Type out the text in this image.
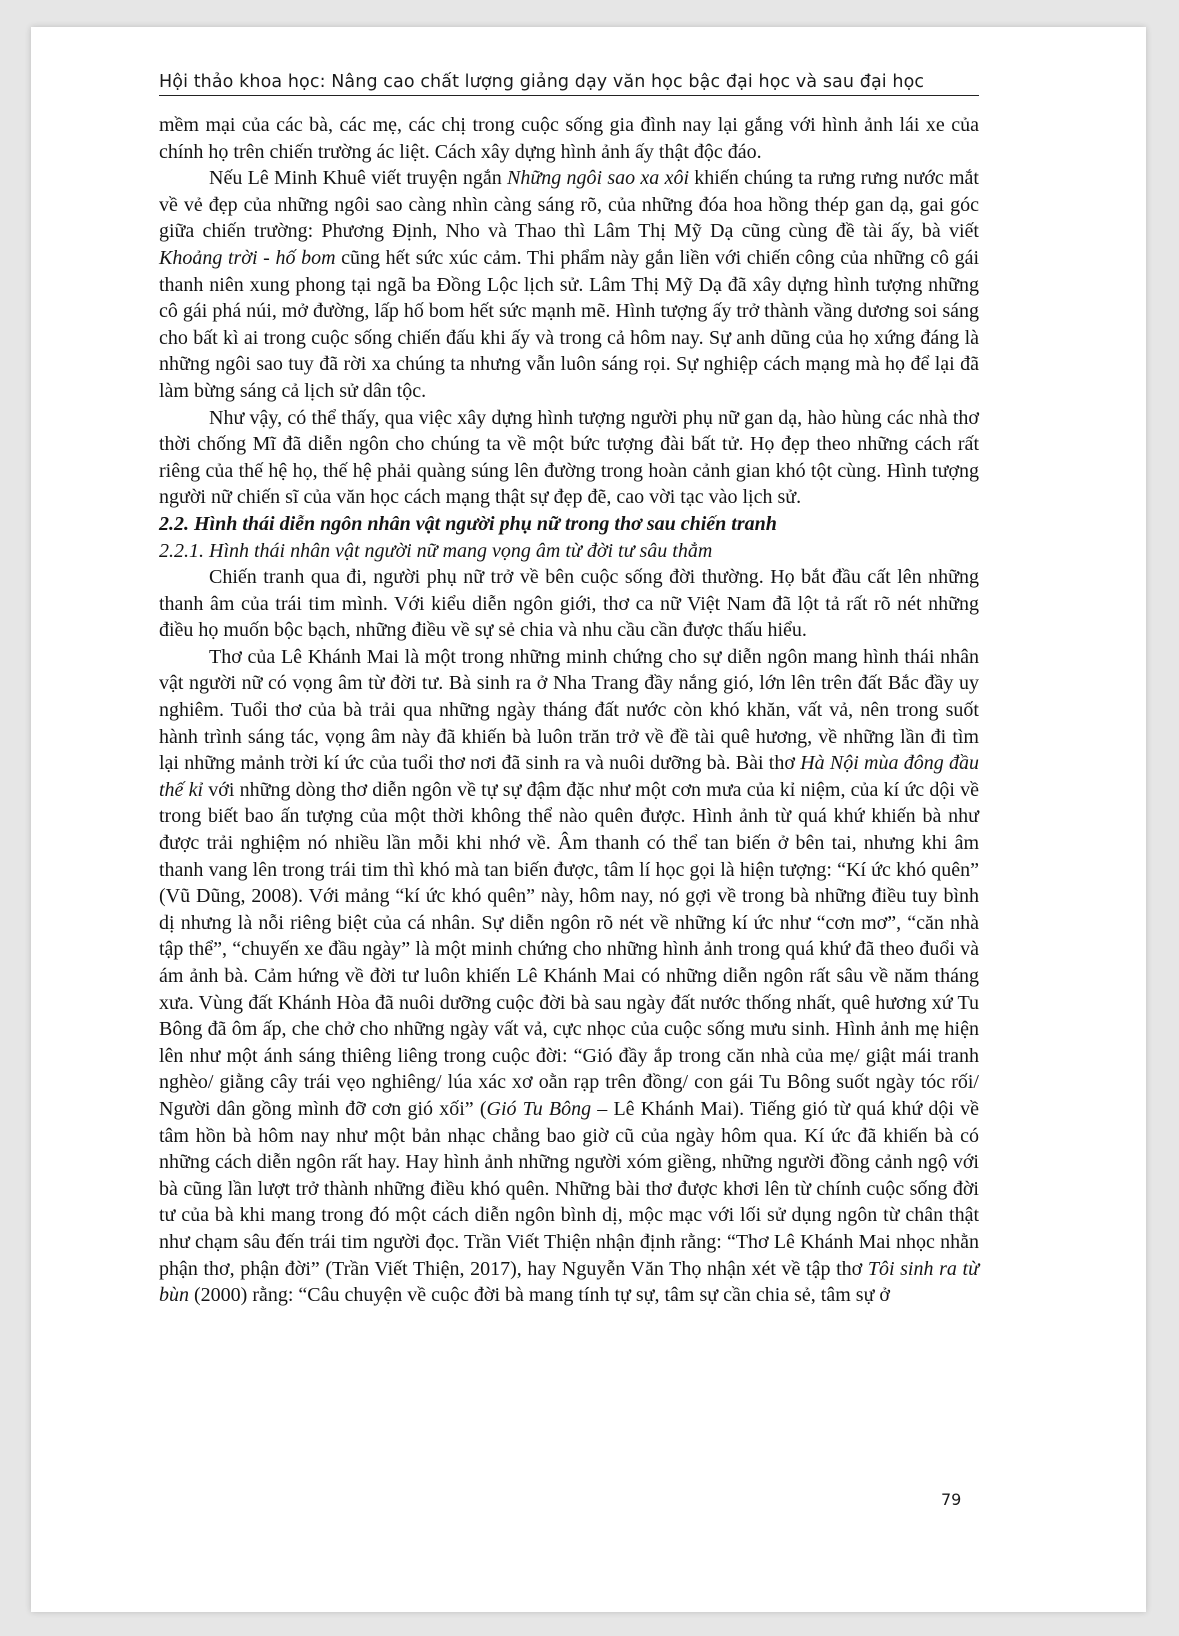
Hội thảo khoa học: Nâng cao chất lượng giảng dạy văn học bậc đại học và sau đại học

mềm mại của các bà, các mẹ, các chị trong cuộc sống gia đình nay lại gắng với hình ảnh lái xe của chính họ trên chiến trường ác liệt. Cách xây dựng hình ảnh ấy thật độc đáo.

Nếu Lê Minh Khuê viết truyện ngắn Những ngôi sao xa xôi khiến chúng ta rưng rưng nước mắt về vẻ đẹp của những ngôi sao càng nhìn càng sáng rõ, của những đóa hoa hồng thép gan dạ, gai góc giữa chiến trường: Phương Định, Nho và Thao thì Lâm Thị Mỹ Dạ cũng cùng đề tài ấy, bà viết Khoảng trời - hố bom cũng hết sức xúc cảm. Thi phẩm này gắn liền với chiến công của những cô gái thanh niên xung phong tại ngã ba Đồng Lộc lịch sử. Lâm Thị Mỹ Dạ đã xây dựng hình tượng những cô gái phá núi, mở đường, lấp hố bom hết sức mạnh mẽ. Hình tượng ấy trở thành vầng dương soi sáng cho bất kì ai trong cuộc sống chiến đấu khi ấy và trong cả hôm nay. Sự anh dũng của họ xứng đáng là những ngôi sao tuy đã rời xa chúng ta nhưng vẫn luôn sáng rọi. Sự nghiệp cách mạng mà họ để lại đã làm bừng sáng cả lịch sử dân tộc.

Như vậy, có thể thấy, qua việc xây dựng hình tượng người phụ nữ gan dạ, hào hùng các nhà thơ thời chống Mĩ đã diễn ngôn cho chúng ta về một bức tượng đài bất tử. Họ đẹp theo những cách rất riêng của thế hệ họ, thế hệ phải quàng súng lên đường trong hoàn cảnh gian khó tột cùng. Hình tượng người nữ chiến sĩ của văn học cách mạng thật sự đẹp đẽ, cao vời tạc vào lịch sử.

2.2. Hình thái diễn ngôn nhân vật người phụ nữ trong thơ sau chiến tranh
2.2.1. Hình thái nhân vật người nữ mang vọng âm từ đời tư sâu thẳm

Chiến tranh qua đi, người phụ nữ trở về bên cuộc sống đời thường. Họ bắt đầu cất lên những thanh âm của trái tim mình. Với kiểu diễn ngôn giới, thơ ca nữ Việt Nam đã lột tả rất rõ nét những điều họ muốn bộc bạch, những điều về sự sẻ chia và nhu cầu cần được thấu hiểu.

Thơ của Lê Khánh Mai là một trong những minh chứng cho sự diễn ngôn mang hình thái nhân vật người nữ có vọng âm từ đời tư. Bà sinh ra ở Nha Trang đầy nắng gió, lớn lên trên đất Bắc đầy uy nghiêm. Tuổi thơ của bà trải qua những ngày tháng đất nước còn khó khăn, vất vả, nên trong suốt hành trình sáng tác, vọng âm này đã khiến bà luôn trăn trở về đề tài quê hương, về những lần đi tìm lại những mảnh trời kí ức của tuổi thơ nơi đã sinh ra và nuôi dưỡng bà. Bài thơ Hà Nội mùa đông đầu thế kỉ với những dòng thơ diễn ngôn về tự sự đậm đặc như một cơn mưa của kỉ niệm, của kí ức dội về trong biết bao ấn tượng của một thời không thể nào quên được. Hình ảnh từ quá khứ khiến bà như được trải nghiệm nó nhiều lần mỗi khi nhớ về. Âm thanh có thể tan biến ở bên tai, nhưng khi âm thanh vang lên trong trái tim thì khó mà tan biến được, tâm lí học gọi là hiện tượng: “Kí ức khó quên” (Vũ Dũng, 2008). Với mảng “kí ức khó quên” này, hôm nay, nó gợi về trong bà những điều tuy bình dị nhưng là nỗi riêng biệt của cá nhân. Sự diễn ngôn rõ nét về những kí ức như “cơn mơ”, “căn nhà tập thể”, “chuyến xe đầu ngày” là một minh chứng cho những hình ảnh trong quá khứ đã theo đuổi và ám ảnh bà. Cảm hứng về đời tư luôn khiến Lê Khánh Mai có những diễn ngôn rất sâu về năm tháng xưa. Vùng đất Khánh Hòa đã nuôi dưỡng cuộc đời bà sau ngày đất nước thống nhất, quê hương xứ Tu Bông đã ôm ấp, che chở cho những ngày vất vả, cực nhọc của cuộc sống mưu sinh. Hình ảnh mẹ hiện lên như một ánh sáng thiêng liêng trong cuộc đời: “Gió đầy ắp trong căn nhà của mẹ/ giật mái tranh nghèo/ giằng cây trái vẹo nghiêng/ lúa xác xơ oằn rạp trên đồng/ con gái Tu Bông suốt ngày tóc rối/ Người dân gồng mình đỡ cơn gió xối” (Gió Tu Bông – Lê Khánh Mai). Tiếng gió từ quá khứ dội về tâm hồn bà hôm nay như một bản nhạc chẳng bao giờ cũ của ngày hôm qua. Kí ức đã khiến bà có những cách diễn ngôn rất hay. Hay hình ảnh những người xóm giềng, những người đồng cảnh ngộ với bà cũng lần lượt trở thành những điều khó quên. Những bài thơ được khơi lên từ chính cuộc sống đời tư của bà khi mang trong đó một cách diễn ngôn bình dị, mộc mạc với lối sử dụng ngôn từ chân thật như chạm sâu đến trái tim người đọc. Trần Viết Thiện nhận định rằng: “Thơ Lê Khánh Mai nhọc nhằn phận thơ, phận đời” (Trần Viết Thiện, 2017), hay Nguyễn Văn Thọ nhận xét về tập thơ Tôi sinh ra từ bùn (2000) rằng: “Câu chuyện về cuộc đời bà mang tính tự sự, tâm sự cần chia sẻ, tâm sự ở

79
